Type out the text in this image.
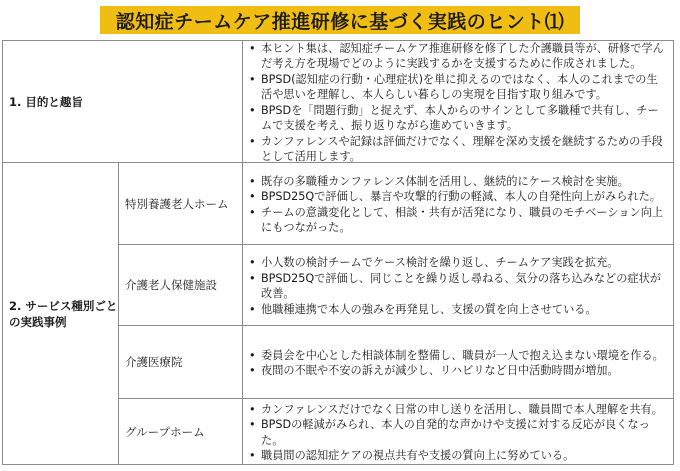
認知症チームケア推進研修に基づく実践のヒント⑴
1. 目的と趣旨
• 本ヒント集は、認知症チームケア推進研修を修了した介護職員等が、研修で学んだ考え方を現場でどのように実践するかを支援するために作成されました。
• BPSD(認知症の行動・心理症状)を単に抑えるのではなく、本人のこれまでの生活や思いを理解し、本人らしい暮らしの実現を目指す取り組みです。
• BPSDを「問題行動」と捉えず、本人からのサインとして多職種で共有し、チームで支援を考え、振り返りながら進めていきます。
• カンファレンスや記録は評価だけでなく、理解を深め支援を継続するための手段として活用します。
2. サービス種別ごとの実践事例
特別養護老人ホーム
• 既存の多職種カンファレンス体制を活用し、継続的にケース検討を実施。
• BPSD25Qで評価し、暴言や攻撃的行動の軽減、本人の自発性向上がみられた。
• チームの意識変化として、相談・共有が活発になり、職員のモチベーション向上にもつながった。
介護老人保健施設
• 小人数の検討チームでケース検討を繰り返し、チームケア実践を拡充。
• BPSD25Qで評価し、同じことを繰り返し尋ねる、気分の落ち込みなどの症状が改善。
• 他職種連携で本人の強みを再発見し、支援の質を向上させている。
介護医療院
•	委員会を中心とした相談体制を整備し、職員が一人で抱え込まない環境を作る。
• 夜間の不眠や不安の訴えが減少し、リハビリなど日中活動時間が増加。
グループホーム
• カンファレンスだけでなく日常の申し送りを活用し、職員間で本人理解を共有。
• BPSDの軽減がみられ、本人の自発的な声かけや支援に対する反応が良くなった。
• 職員間の認知症ケアの視点共有や支援の質向上に努めている。
